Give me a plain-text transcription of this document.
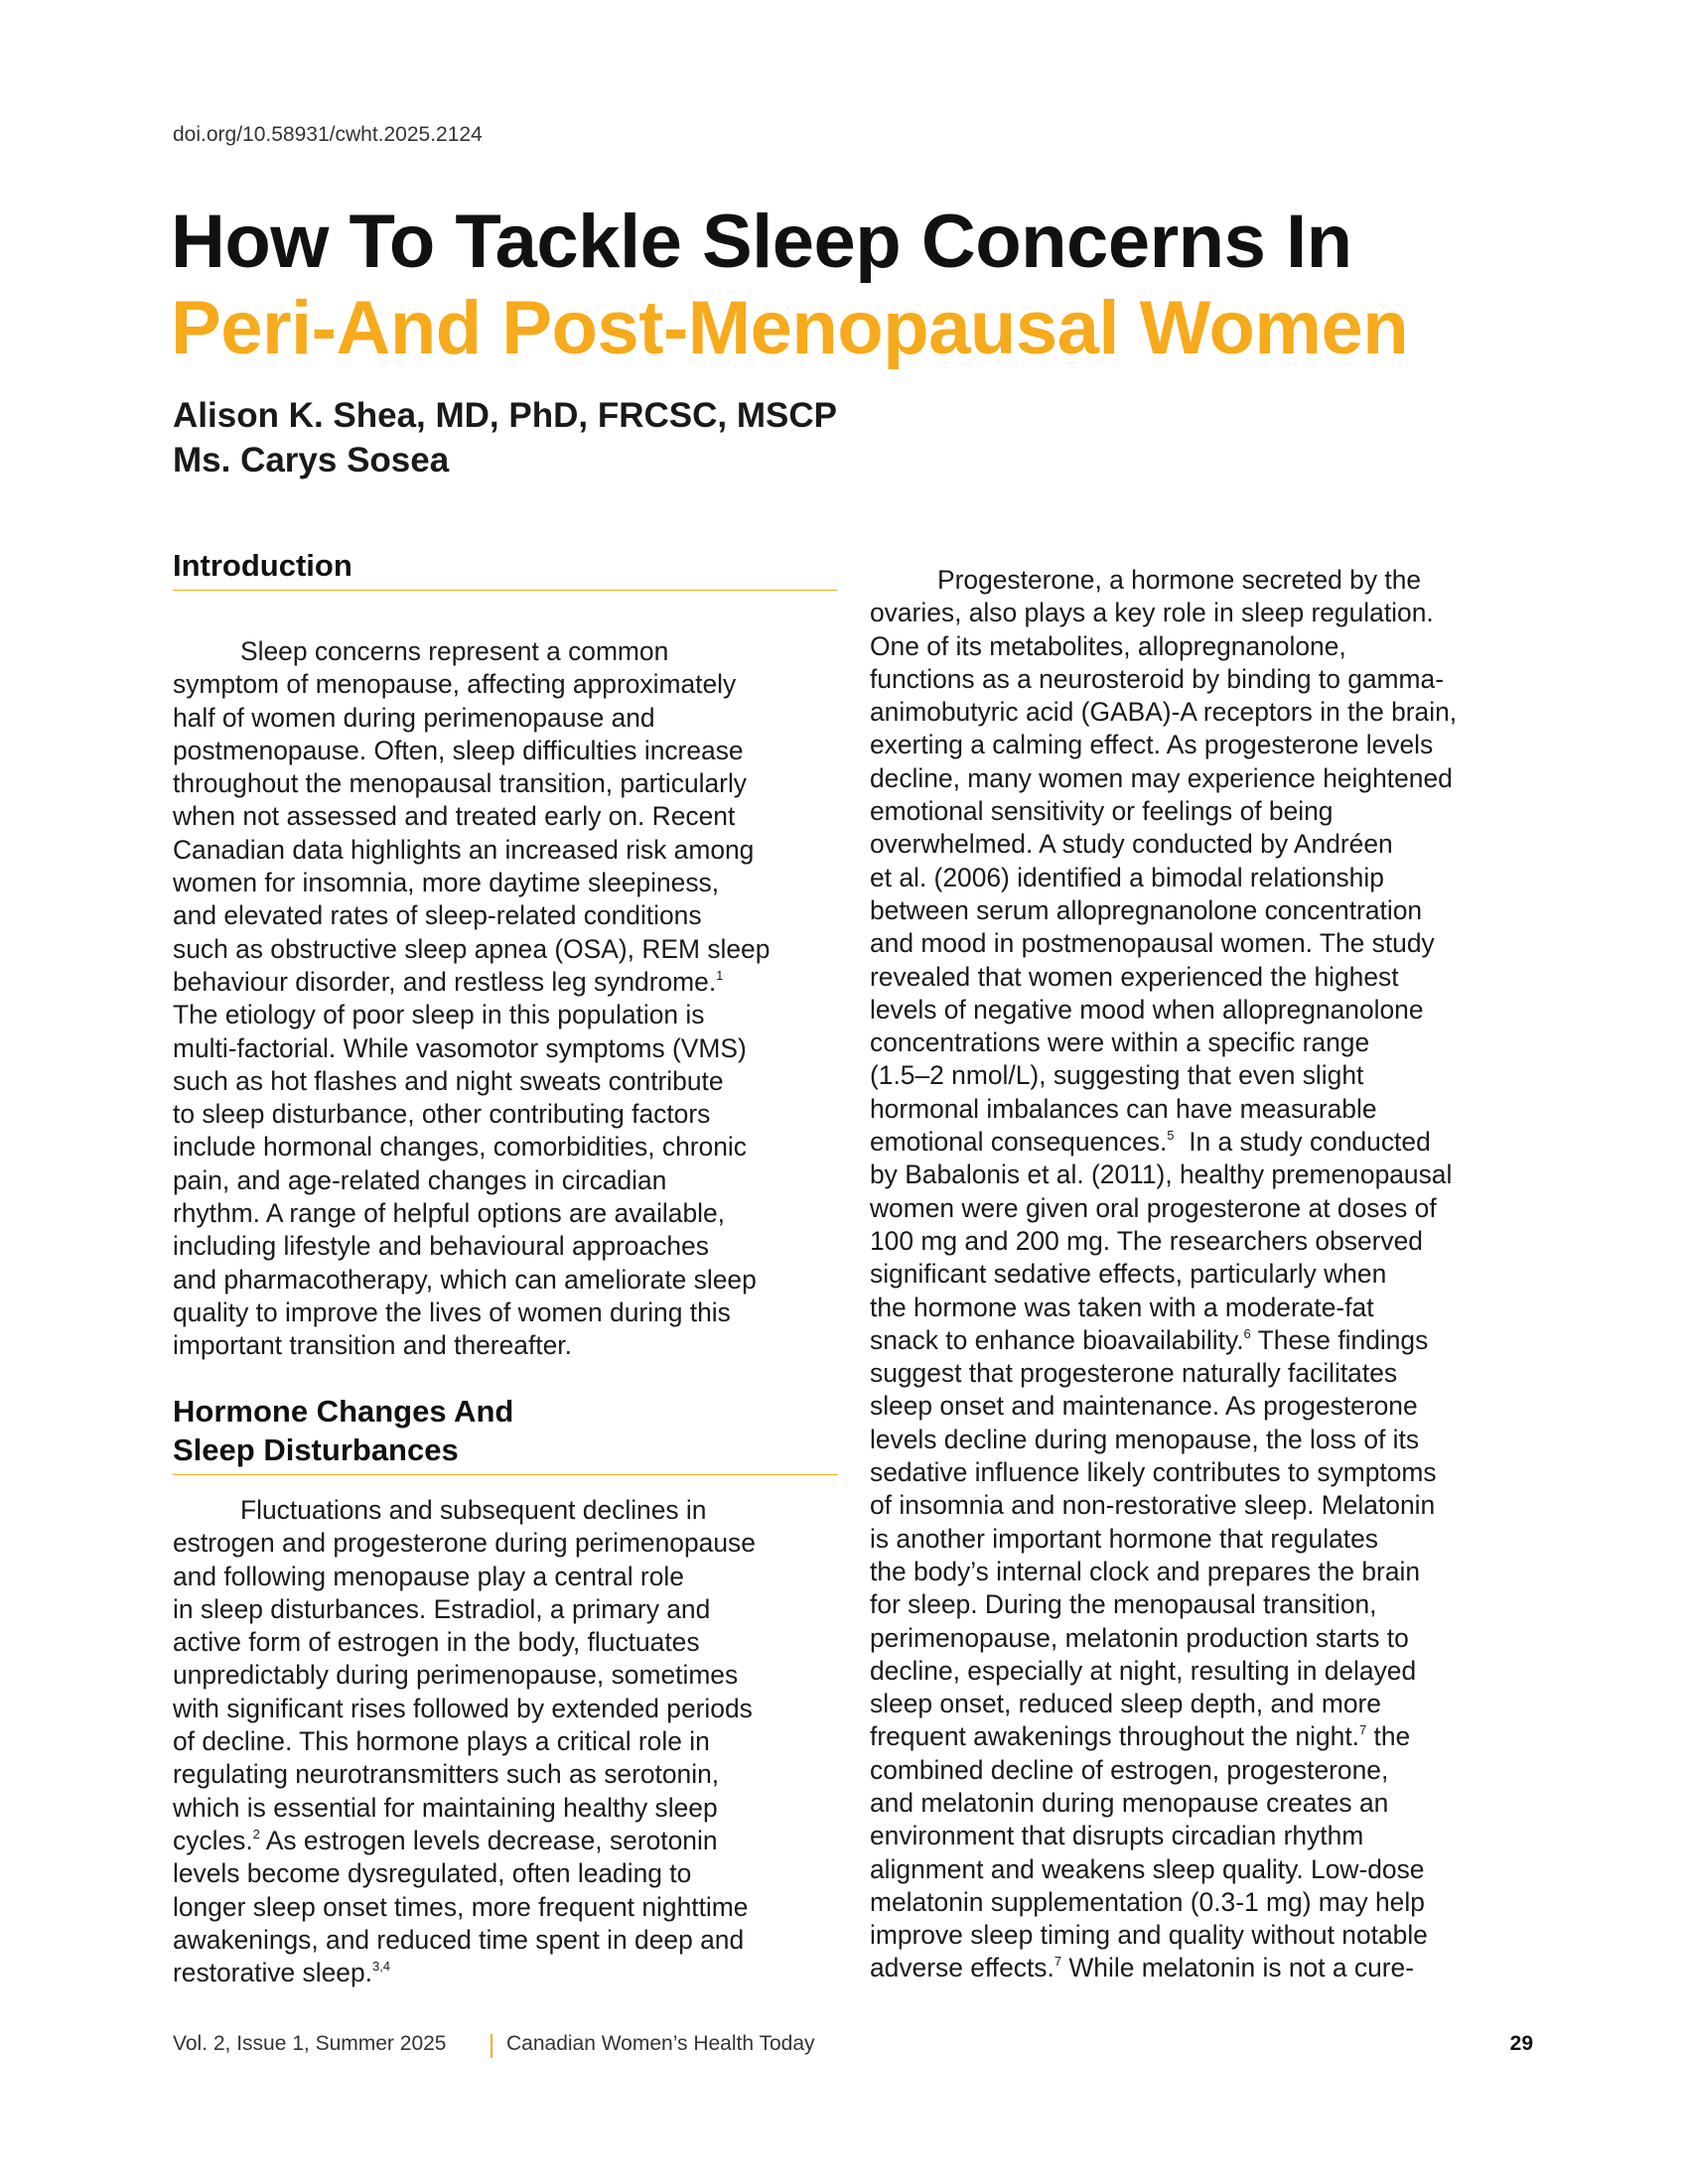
doi.org/10.58931/cwht.2025.2124
How To Tackle Sleep Concerns In
Peri-And Post-Menopausal Women
Alison K. Shea, MD, PhD, FRCSC, MSCP
Ms. Carys Sosea
Introduction
Sleep concerns represent a common
symptom of menopause, affecting approximately
half of women during perimenopause and
postmenopause. Often, sleep difficulties increase
throughout the menopausal transition, particularly
when not assessed and treated early on. Recent
Canadian data highlights an increased risk among
women for insomnia, more daytime sleepiness,
and elevated rates of sleep-related conditions
such as obstructive sleep apnea (OSA), REM sleep
behaviour disorder, and restless leg syndrome.$^1$
The etiology of poor sleep in this population is
multi-factorial. While vasomotor symptoms (VMS)
such as hot flashes and night sweats contribute
to sleep disturbance, other contributing factors
include hormonal changes, comorbidities, chronic
pain, and age-related changes in circadian
rhythm. A range of helpful options are available,
including lifestyle and behavioural approaches
and pharmacotherapy, which can ameliorate sleep
quality to improve the lives of women during this
important transition and thereafter.
Hormone Changes And
Sleep Disturbances
Fluctuations and subsequent declines in
estrogen and progesterone during perimenopause
and following menopause play a central role
in sleep disturbances. Estradiol, a primary and
active form of estrogen in the body, fluctuates
unpredictably during perimenopause, sometimes
with significant rises followed by extended periods
of decline. This hormone plays a critical role in
regulating neurotransmitters such as serotonin,
which is essential for maintaining healthy sleep
cycles.$^2$ As estrogen levels decrease, serotonin
levels become dysregulated, often leading to
longer sleep onset times, more frequent nighttime
awakenings, and reduced time spent in deep and
restorative sleep.$^{3,4}$
Progesterone, a hormone secreted by the
ovaries, also plays a key role in sleep regulation.
One of its metabolites, allopregnanolone,
functions as a neurosteroid by binding to gamma-
animobutyric acid (GABA)-A receptors in the brain,
exerting a calming effect. As progesterone levels
decline, many women may experience heightened
emotional sensitivity or feelings of being
overwhelmed. A study conducted by Andréen
et al. (2006) identified a bimodal relationship
between serum allopregnanolone concentration
and mood in postmenopausal women. The study
revealed that women experienced the highest
levels of negative mood when allopregnanolone
concentrations were within a specific range
(1.5–2 nmol/L), suggesting that even slight
hormonal imbalances can have measurable
emotional consequences.$^5$  In a study conducted
by Babalonis et al. (2011), healthy premenopausal
women were given oral progesterone at doses of
100 mg and 200 mg. The researchers observed
significant sedative effects, particularly when
the hormone was taken with a moderate-fat
snack to enhance bioavailability.$^6$ These findings
suggest that progesterone naturally facilitates
sleep onset and maintenance. As progesterone
levels decline during menopause, the loss of its
sedative influence likely contributes to symptoms
of insomnia and non-restorative sleep. Melatonin
is another important hormone that regulates
the body’s internal clock and prepares the brain
for sleep. During the menopausal transition,
perimenopause, melatonin production starts to
decline, especially at night, resulting in delayed
sleep onset, reduced sleep depth, and more
frequent awakenings throughout the night.$^7$ the
combined decline of estrogen, progesterone,
and melatonin during menopause creates an
environment that disrupts circadian rhythm
alignment and weakens sleep quality. Low-dose
melatonin supplementation (0.3-1 mg) may help
improve sleep timing and quality without notable
adverse effects.$^7$ While melatonin is not a cure-
Vol. 2, Issue 1, Summer 2025	Canadian Women’s Health Today	29
